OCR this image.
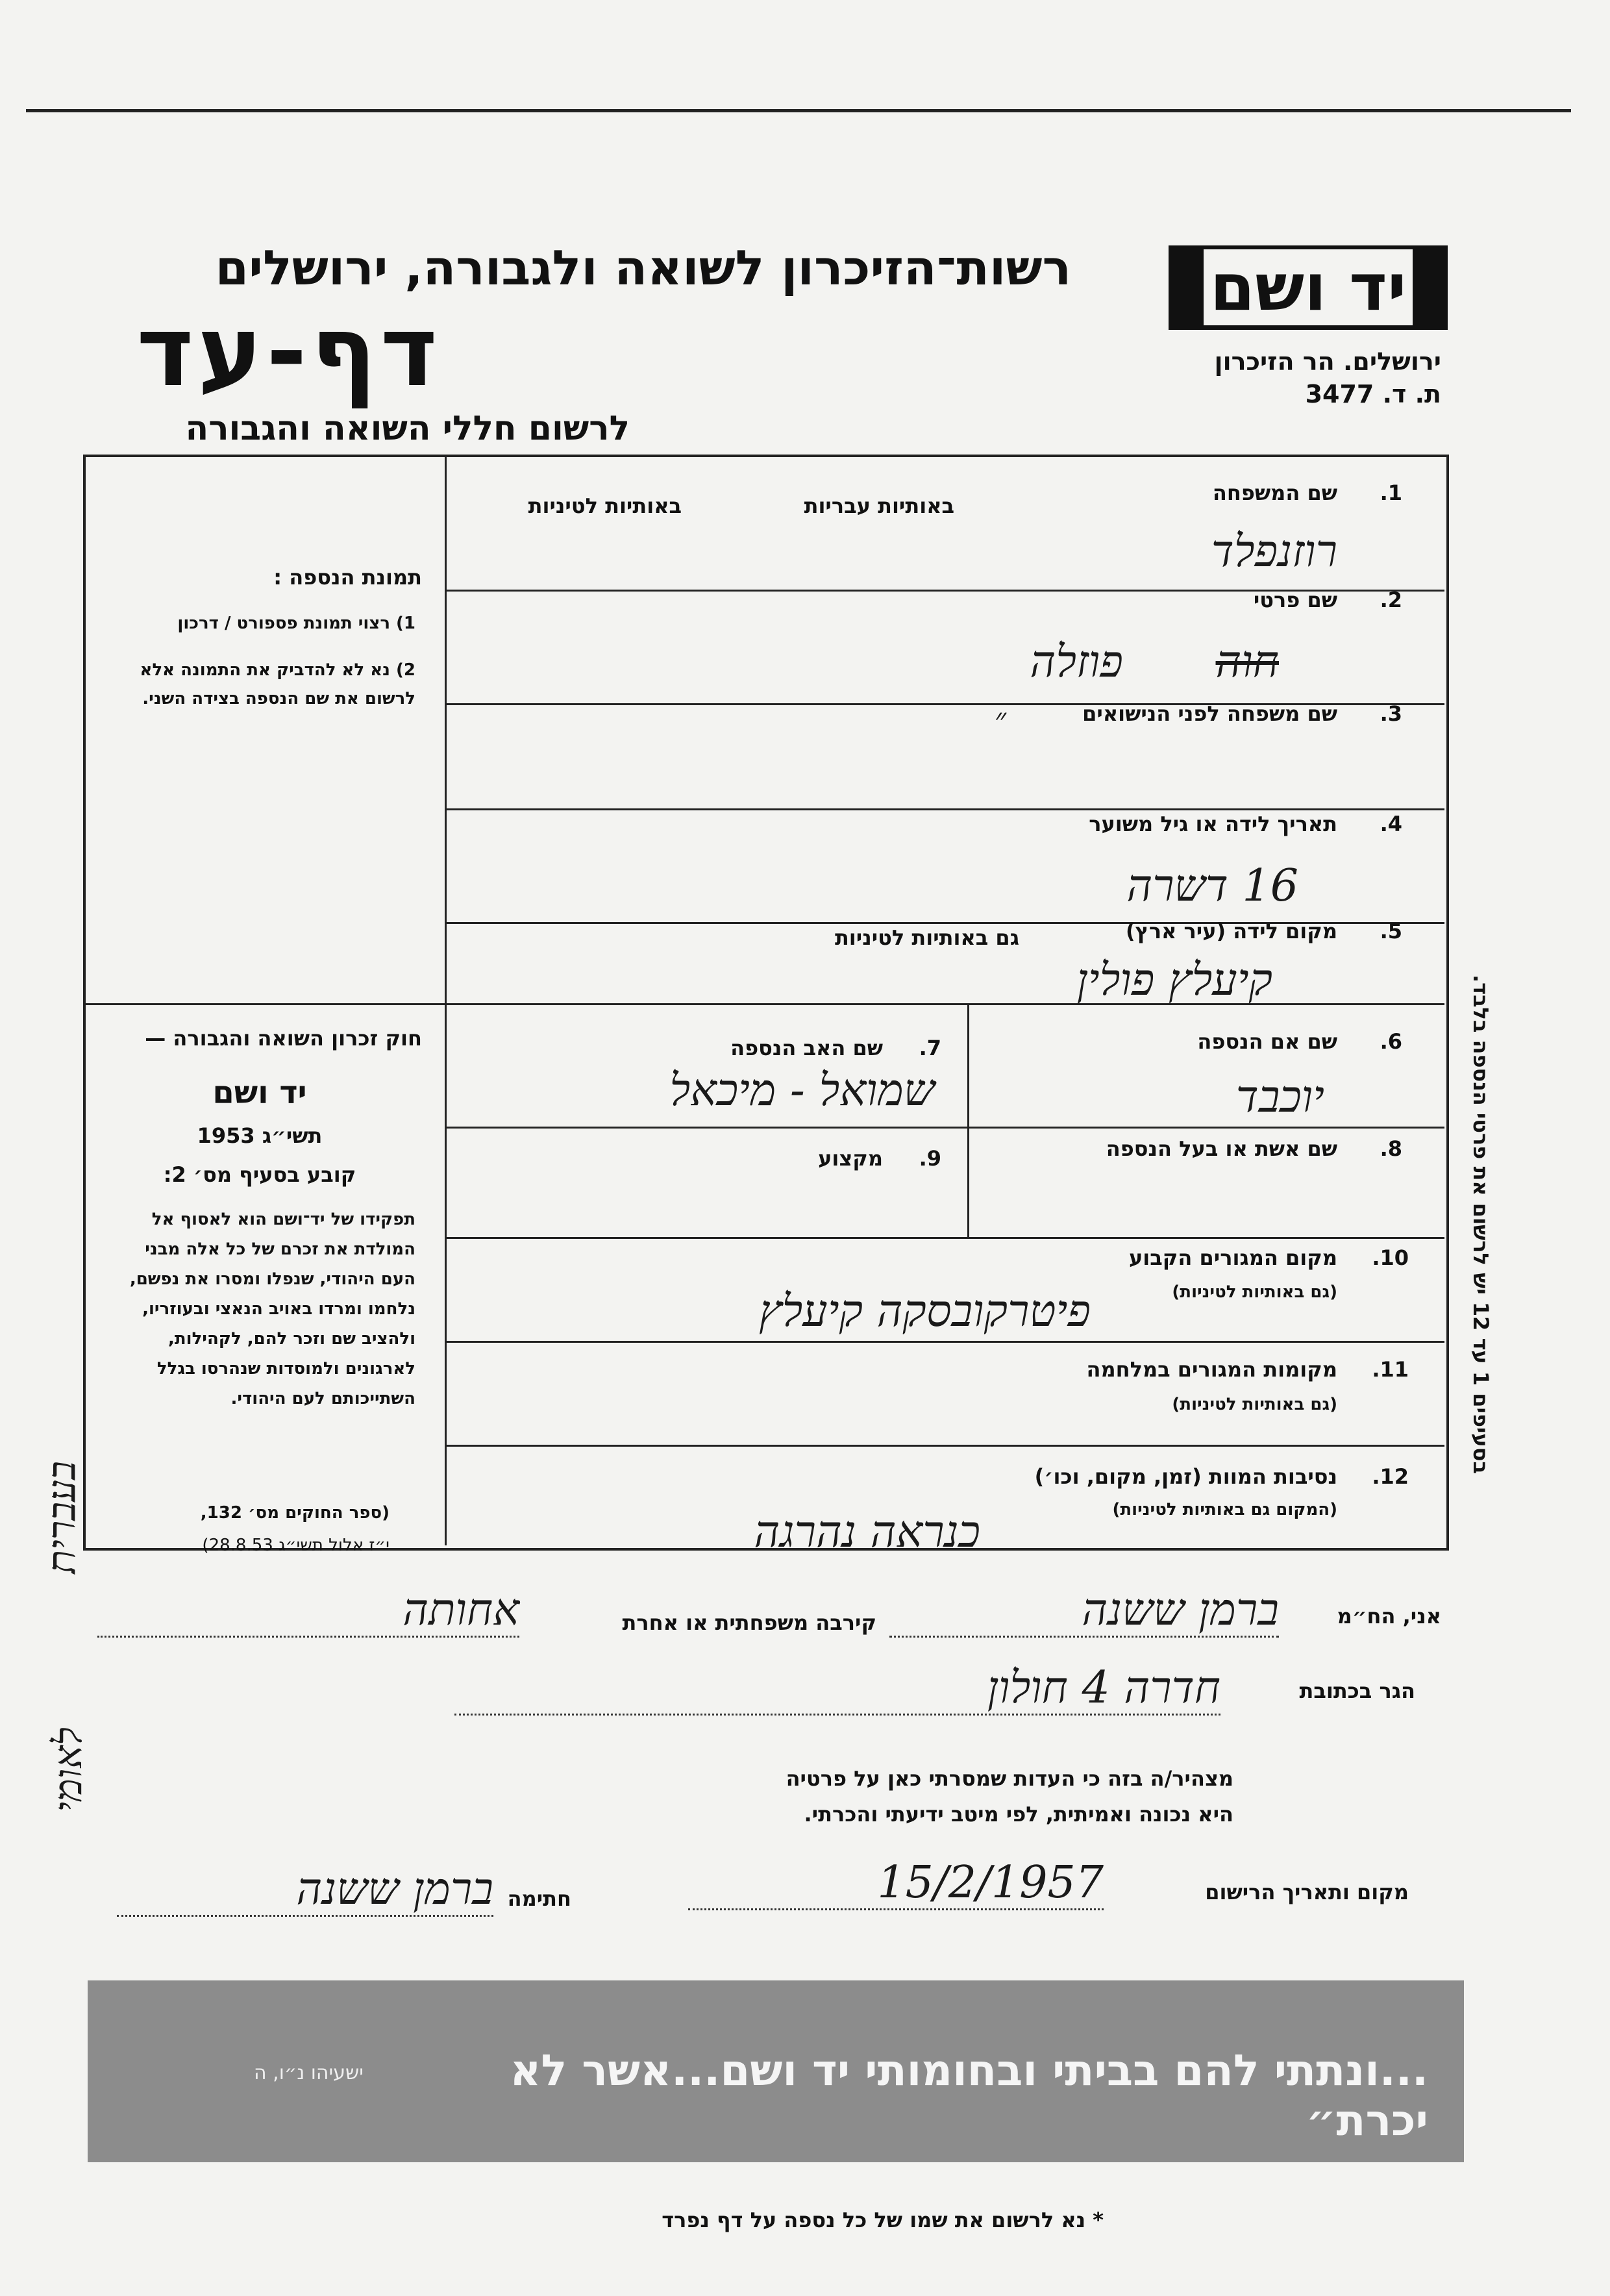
רשות־הזיכרון לשואה ולגבורה, ירושלים
דף-עד
לרשום חללי השואה והגבורה
יד ושם
ירושלים. הר הזיכרון
ת. ד. 3477
באותיות עבריות
באותיות לטיניות
1.
שם המשפחה
רוזנפלד
2.
שם פרטי
חוה
פוזלה
3.
שם משפחה לפני הנישואים
״
4.
תאריך לידה או גיל משוער
16 דשרה
5.
מקום לידה (עיר ארץ)
גם באותיות לטיניות
קיעלץ פולין
6.
שם אם הנספה
יוכבד
7.
שם האב הנספה
שמואל - מיכאל
8.
שם אשת או בעל הנספה
9.
מקצוע
10.
מקום המגורים הקבוע
(גם באותיות לטיניות)
פיטרקובסקה קיעלץ
11.
מקומות המגורים במלחמה
(גם באותיות לטיניות)
12.
נסיבות המוות (זמן, מקום, וכו׳)
(המקום גם באותיות לטיניות)
כנראה נהרגה
תמונת הנספה :
1) רצוי תמונת פספורט / דרכון
2) נא לא להדביק את התמונה אלא לרשום את שם הנספה בצידה השני.
חוק זכרון השואה והגבורה —
יד ושם
תשי״ג 1953
קובע בסעיף מס׳ 2:
תפקידו של יד־ושם הוא לאסוף אל המולדת את זכרם של כל אלה מבני העם היהודי, שנפלו ומסרו את נפשם, נלחמו ומרדו באויב הנאצי ובעוזריו, ולהציב שם וזכר להם, לקהילות, לארגונים ולמוסדות שנהרסו בגלל השתייכותם לעם היהודי.
(ספר החוקים מס׳ 132,
י״ז אלול תשי״ג 28.8.53)
בסעיפים 1 עד 12 יש לרשום את פרטי הנספה בלבד.
בעברית
לאומי
אני, הח״מ
ברמן ששנה
קירבה משפחתית או אחרת
אחותה
הגר בכתובת
חדרה 4 חולון
מצהיר/ה בזה כי העדות שמסרתי כאן על פרטיה
היא נכונה ואמיתית, לפי מיטב ידיעתי והכרתי.
מקום ותאריך הרישום
15/2/1957
חתימה
ברמן ששנה
...ונתתי להם בביתי ובחומותי יד ושם...אשר לא יכרת״
ישעיהו נ״ו, ה
* נא לרשום את שמו של כל נספה על דף נפרד
